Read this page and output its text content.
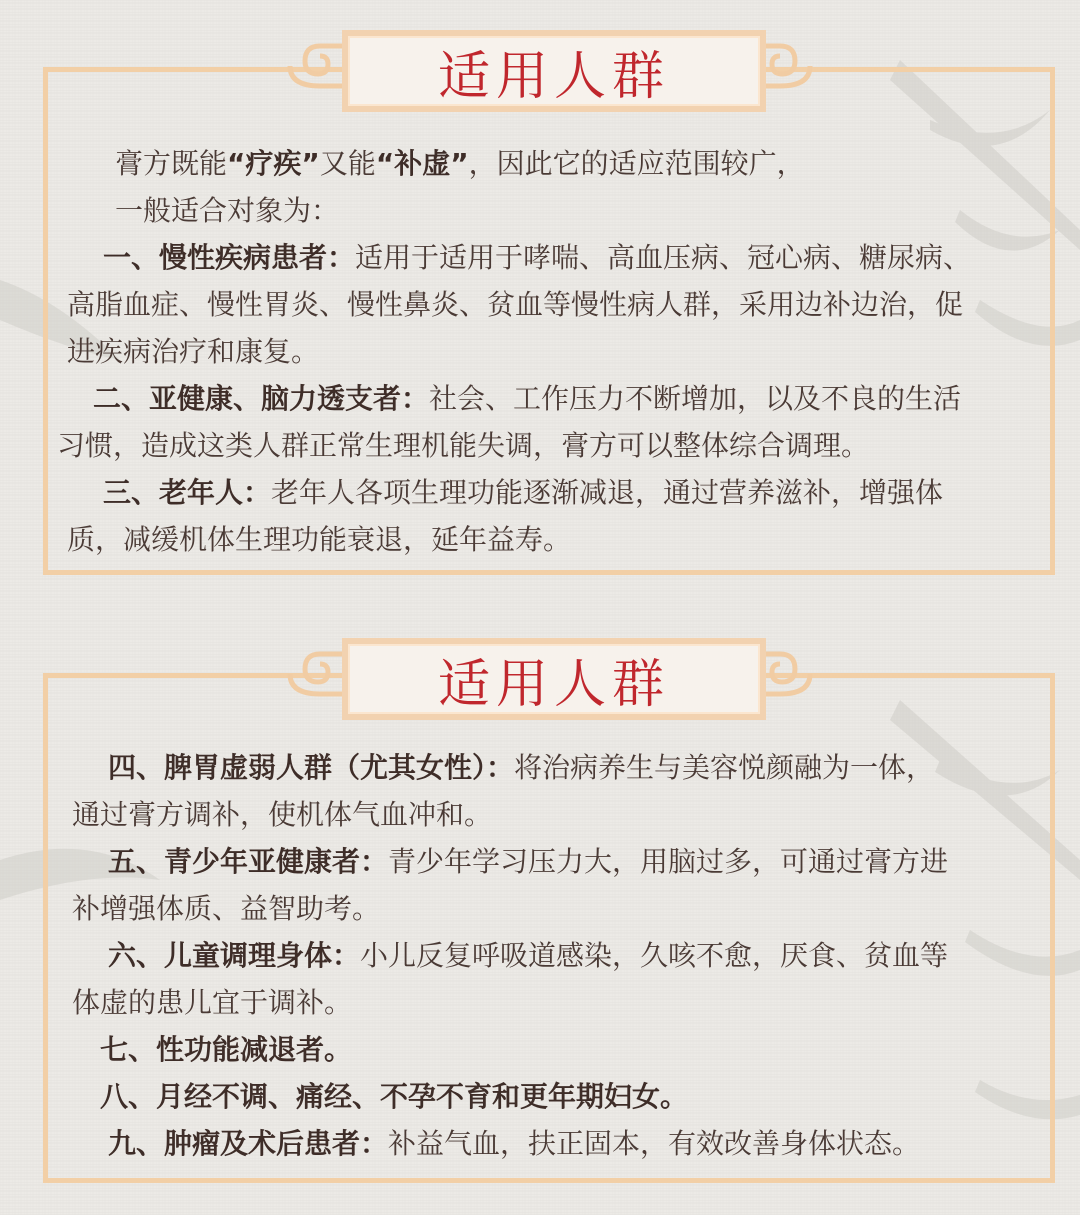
适用人群
适用人群
膏方既能“疗疾”又能“补虚”，因此它的适应范围较广，
一般适合对象为：
一、慢性疾病患者：适用于适用于哮喘、高血压病、冠心病、糖尿病、
高脂血症、慢性胃炎、慢性鼻炎、贫血等慢性病人群，采用边补边治，促
进疾病治疗和康复。
二、亚健康、脑力透支者：社会、工作压力不断增加，以及不良的生活
习惯，造成这类人群正常生理机能失调，膏方可以整体综合调理。
三、老年人：老年人各项生理功能逐渐减退，通过营养滋补，增强体
质，减缓机体生理功能衰退，延年益寿。
四、脾胃虚弱人群（尤其女性）：将治病养生与美容悦颜融为一体，
通过膏方调补，使机体气血冲和。
五、青少年亚健康者：青少年学习压力大，用脑过多，可通过膏方进
补增强体质、益智助考。
六、儿童调理身体：小儿反复呼吸道感染，久咳不愈，厌食、贫血等
体虚的患儿宜于调补。
七、性功能减退者。
八、月经不调、痛经、不孕不育和更年期妇女。
九、肿瘤及术后患者：补益气血，扶正固本，有效改善身体状态。
